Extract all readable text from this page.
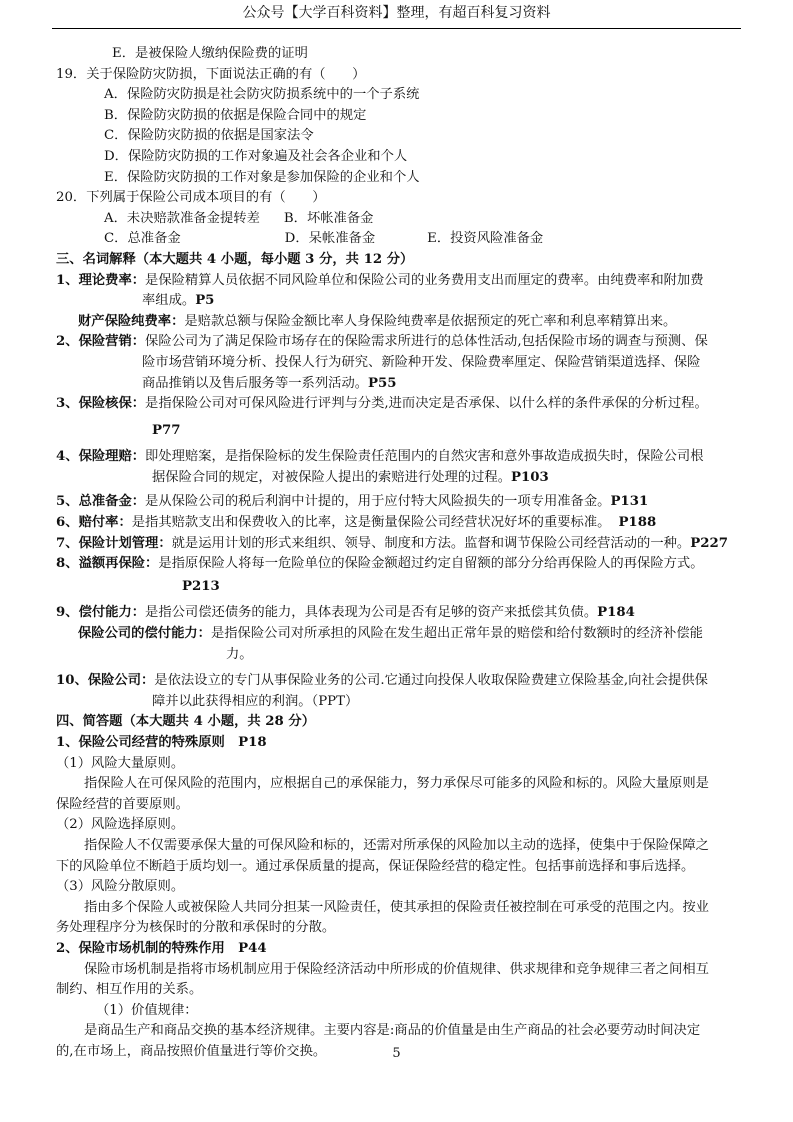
公众号【大学百科资料】整理，有超百科复习资料

E．是被保险人缴纳保险费的证明

19．关于保险防灾防损，下面说法正确的有（　　）

A．保险防灾防损是社会防灾防损系统中的一个子系统

B．保险防灾防损的依据是保险合同中的规定

C．保险防灾防损的依据是国家法令

D．保险防灾防损的工作对象遍及社会各企业和个人

E．保险防灾防损的工作对象是参加保险的企业和个人

20．下列属于保险公司成本项目的有（　　）

A．未决赔款准备金提转差 B．坏帐准备金

C．总准备金	D．呆帐准备金	E．投资风险准备金

三、名词解释（本大题共 4 小题，每小题 3 分，共 12 分）

1、理论费率：是保险精算人员依据不同风险单位和保险公司的业务费用支出而厘定的费率。由纯费率和附加费

率组成。P5

财产保险纯费率：是赔款总额与保险金额比率人身保险纯费率是依据预定的死亡率和利息率精算出来。

2、保险营销：保险公司为了满足保险市场存在的保险需求所进行的总体性活动,包括保险市场的调查与预测、保

险市场营销环境分析、投保人行为研究、新险种开发、保险费率厘定、保险营销渠道选择、保险

商品推销以及售后服务等一系列活动。P55

3、保险核保：是指保险公司对可保风险进行评判与分类,进而决定是否承保、以什么样的条件承保的分析过程。

P77

4、保险理赔：即处理赔案，是指保险标的发生保险责任范围内的自然灾害和意外事故造成损失时，保险公司根

据保险合同的规定，对被保险人提出的索赔进行处理的过程。P103

5、总准备金：是从保险公司的税后利润中计提的，用于应付特大风险损失的一项专用准备金。P131

6、赔付率：是指其赔款支出和保费收入的比率，这是衡量保险公司经营状况好坏的重要标准。 P188

7、保险计划管理：就是运用计划的形式来组织、领导、制度和方法。监督和调节保险公司经营活动的一种。P227

8、溢额再保险：是指原保险人将每一危险单位的保险金额超过约定自留额的部分分给再保险人的再保险方式。

P213

9、偿付能力：是指公司偿还债务的能力，具体表现为公司是否有足够的资产来抵偿其负债。P184

保险公司的偿付能力：是指保险公司对所承担的风险在发生超出正常年景的赔偿和给付数额时的经济补偿能

力。

10、保险公司：是依法设立的专门从事保险业务的公司.它通过向投保人收取保险费建立保险基金,向社会提供保

障并以此获得相应的利润。（PPT）

四、简答题（本大题共 4 小题，共 28 分）

1、保险公司经营的特殊原则　P18

（1）风险大量原则。

指保险人在可保风险的范围内，应根据自己的承保能力，努力承保尽可能多的风险和标的。风险大量原则是

保险经营的首要原则。

（2）风险选择原则。

指保险人不仅需要承保大量的可保风险和标的，还需对所承保的风险加以主动的选择，使集中于保险保障之

下的风险单位不断趋于质均划一。通过承保质量的提高，保证保险经营的稳定性。包括事前选择和事后选择。

（3）风险分散原则。

指由多个保险人或被保险人共同分担某一风险责任，使其承担的保险责任被控制在可承受的范围之内。按业

务处理程序分为核保时的分散和承保时的分散。

2、保险市场机制的特殊作用　P44

保险市场机制是指将市场机制应用于保险经济活动中所形成的价值规律、供求规律和竞争规律三者之间相互

制约、相互作用的关系。

（1）价值规律：

是商品生产和商品交换的基本经济规律。主要内容是:商品的价值量是由生产商品的社会必要劳动时间决定

的,在市场上，商品按照价值量进行等价交换。	5
